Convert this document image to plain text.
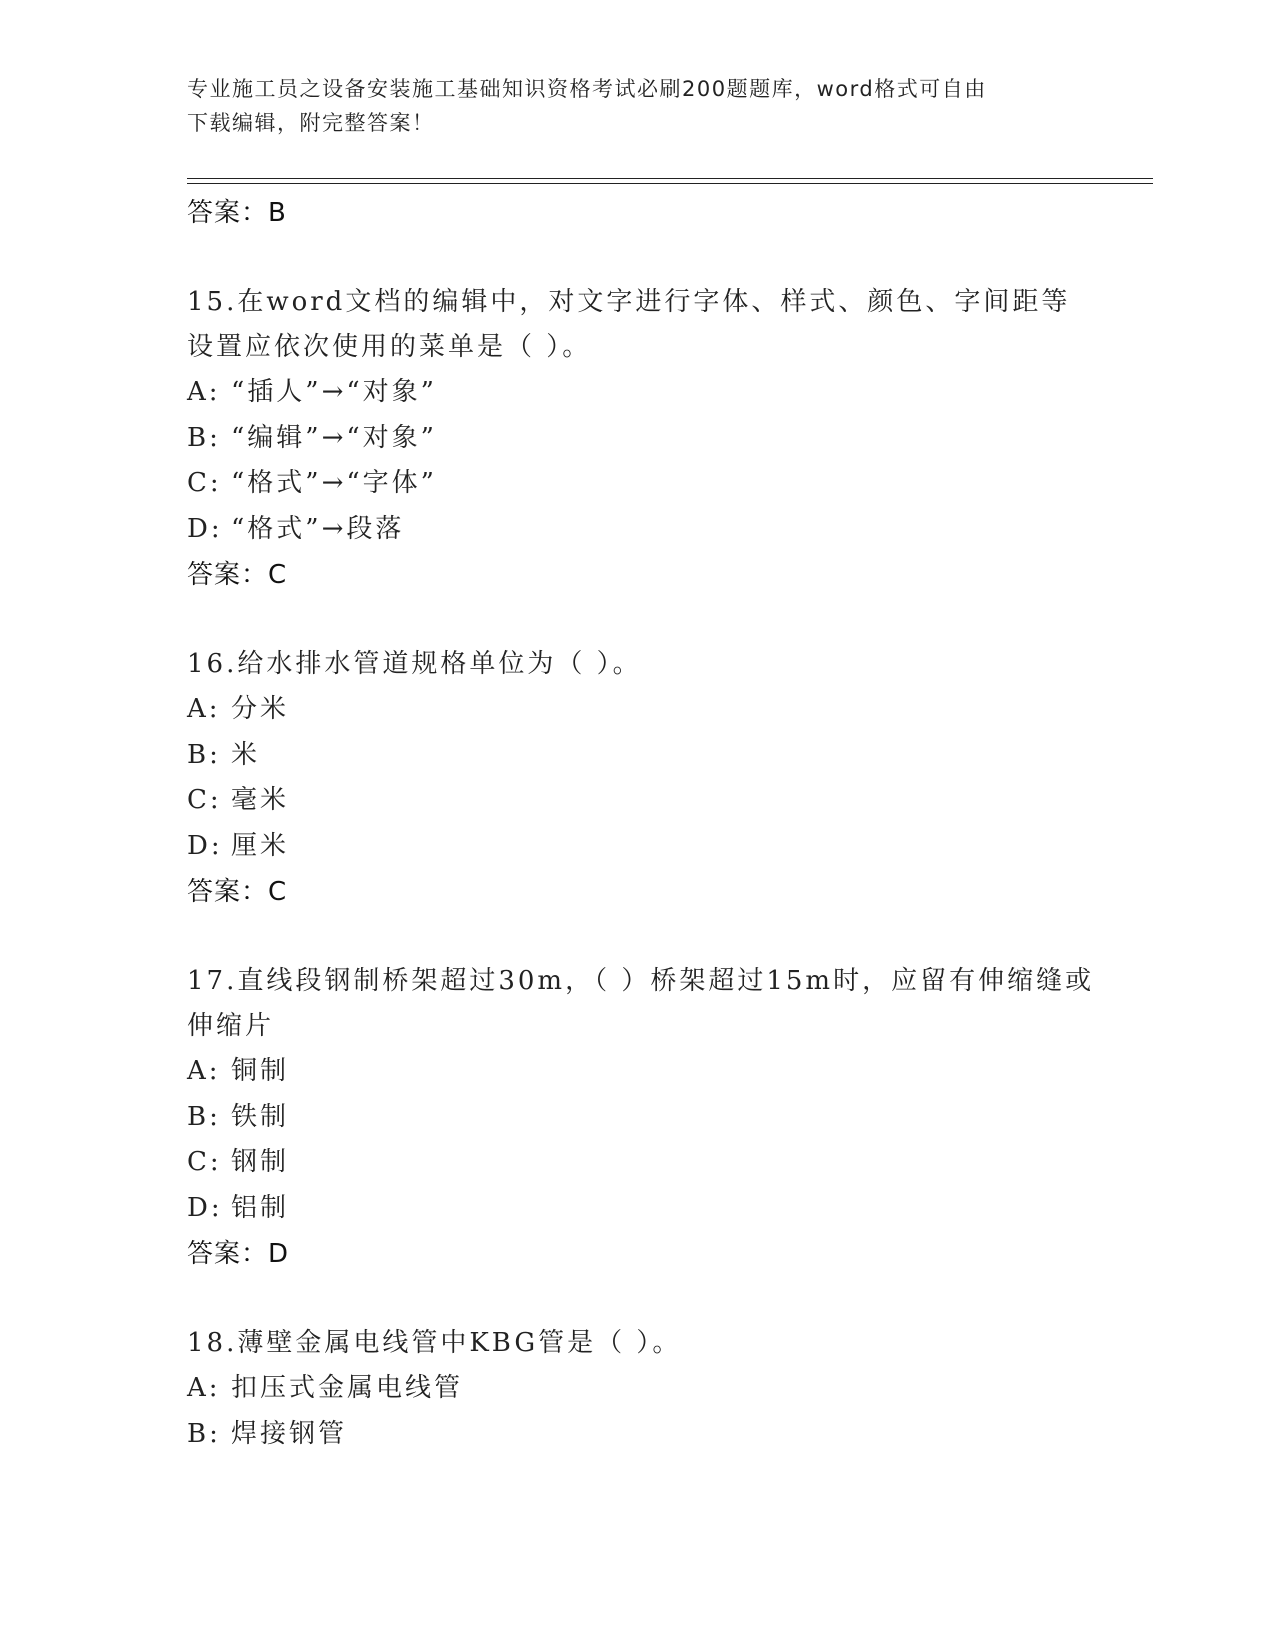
专业施工员之设备安装施工基础知识资格考试必刷200题题库，word格式可自由
下载编辑，附完整答案！
答案：B
15.在word文档的编辑中，对文字进行字体、样式、颜色、字间距等
设置应依次使用的菜单是（ ）。
A: “插人”→“对象”
B: “编辑”→“对象”
C: “格式”→“字体”
D: “格式”→段落
答案：C
16.给水排水管道规格单位为（ ）。
A: 分米
B: 米
C: 毫米
D: 厘米
答案：C
17.直线段钢制桥架超过30m，（ ）桥架超过15m时，应留有伸缩缝或
伸缩片
A: 铜制
B: 铁制
C: 钢制
D: 铝制
答案：D
18.薄壁金属电线管中KBG管是（ ）。
A: 扣压式金属电线管
B: 焊接钢管
